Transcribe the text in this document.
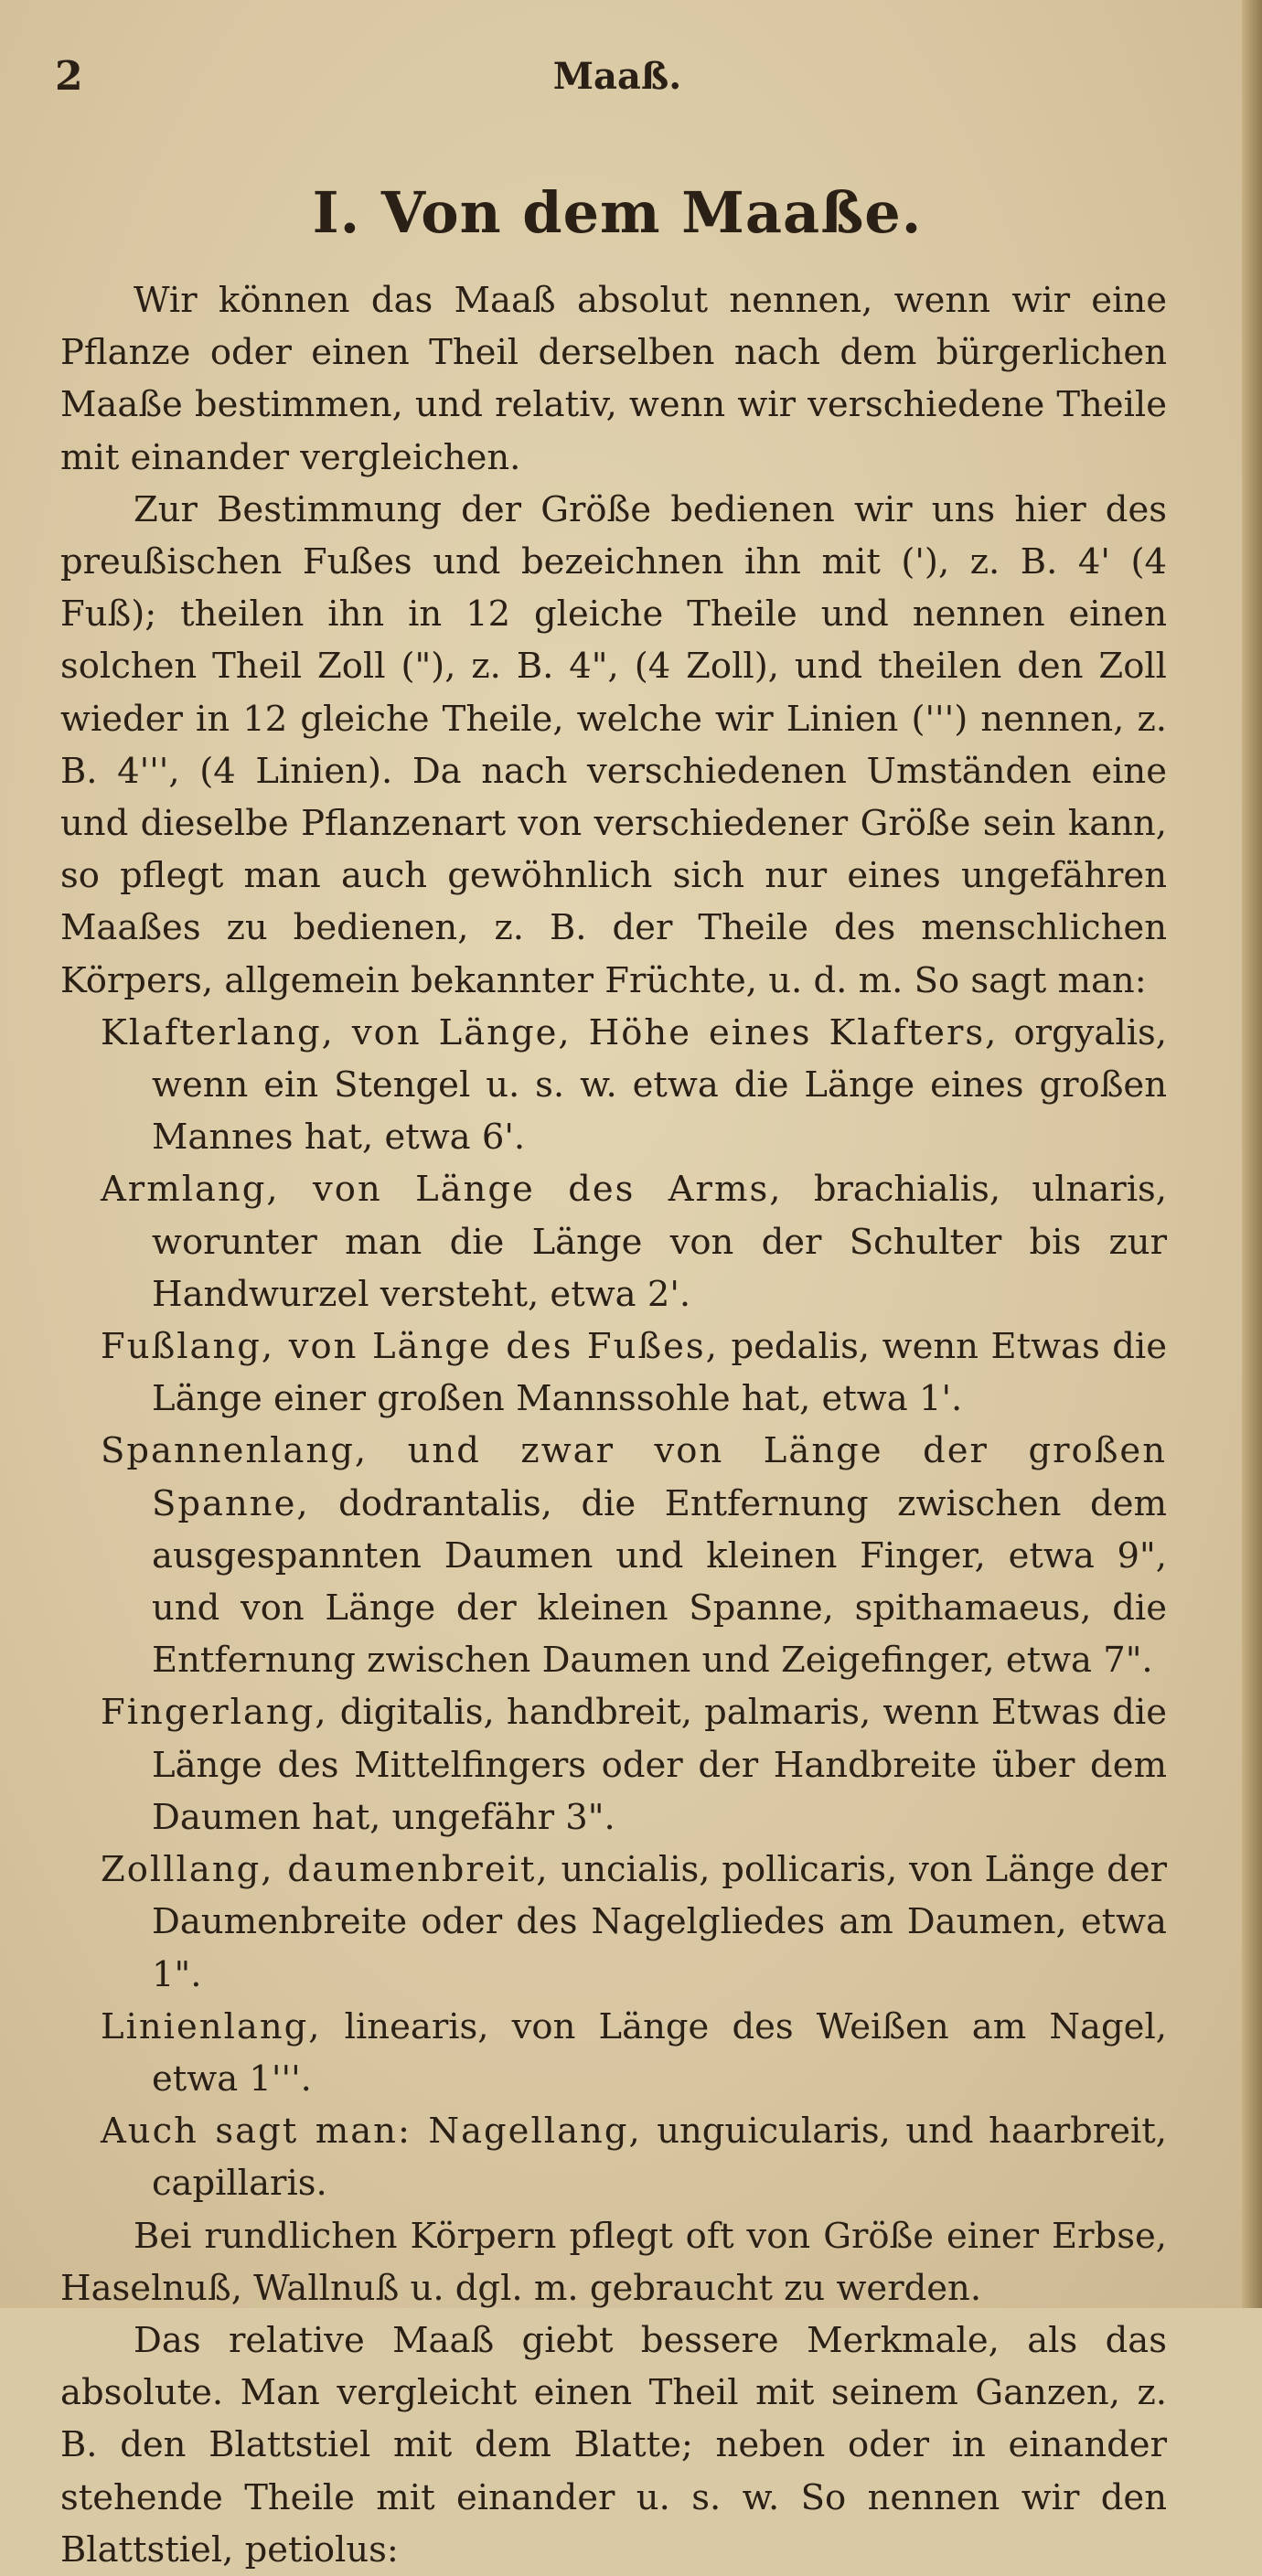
2	Maaß.
I. Von dem Maaße.

Wir können das Maaß absolut nennen, wenn wir eine Pflanze oder einen Theil derselben nach dem bürgerlichen Maaße bestimmen, und relativ, wenn wir verschiedene Theile mit einander vergleichen.

Zur Bestimmung der Größe bedienen wir uns hier des preußischen Fußes und bezeichnen ihn mit ('), z. B. 4' (4 Fuß); theilen ihn in 12 gleiche Theile und nennen einen solchen Theil Zoll ("), z. B. 4", (4 Zoll), und theilen den Zoll wieder in 12 gleiche Theile, welche wir Linien (''') nennen, z. B. 4''', (4 Linien). Da nach verschiedenen Umständen eine und dieselbe Pflanzenart von verschiedener Größe sein kann, so pflegt man auch gewöhnlich sich nur eines ungefähren Maaßes zu bedienen, z. B. der Theile des menschlichen Körpers, allgemein bekannter Früchte, u. d. m. So sagt man:

Klafterlang, von Länge, Höhe eines Klafters, orgyalis, wenn ein Stengel u. s. w. etwa die Länge eines großen Mannes hat, etwa 6'.

Armlang, von Länge des Arms, brachialis, ulnaris, worunter man die Länge von der Schulter bis zur Handwurzel versteht, etwa 2'.

Fußlang, von Länge des Fußes, pedalis, wenn Etwas die Länge einer großen Mannssohle hat, etwa 1'.

Spannenlang, und zwar von Länge der großen Spanne, dodrantalis, die Entfernung zwischen dem ausgespannten Daumen und kleinen Finger, etwa 9", und von Länge der kleinen Spanne, spithamaeus, die Entfernung zwischen Daumen und Zeigefinger, etwa 7".

Fingerlang, digitalis, handbreit, palmaris, wenn Etwas die Länge des Mittelfingers oder der Handbreite über dem Daumen hat, ungefähr 3".

Zolllang, daumenbreit, uncialis, pollicaris, von Länge der Daumenbreite oder des Nagelgliedes am Daumen, etwa 1".

Linienlang, linearis, von Länge des Weißen am Nagel, etwa 1'''.

Auch sagt man: Nagellang, unguicularis, und haarbreit, capillaris.

Bei rundlichen Körpern pflegt oft von Größe einer Erbse, Haselnuß, Wallnuß u. dgl. m. gebraucht zu werden.

Das relative Maaß giebt bessere Merkmale, als das absolute. Man vergleicht einen Theil mit seinem Ganzen, z. B. den Blattstiel mit dem Blatte; neben oder in einander stehende Theile mit einander u. s. w. So nennen wir den Blattstiel, petiolus:
